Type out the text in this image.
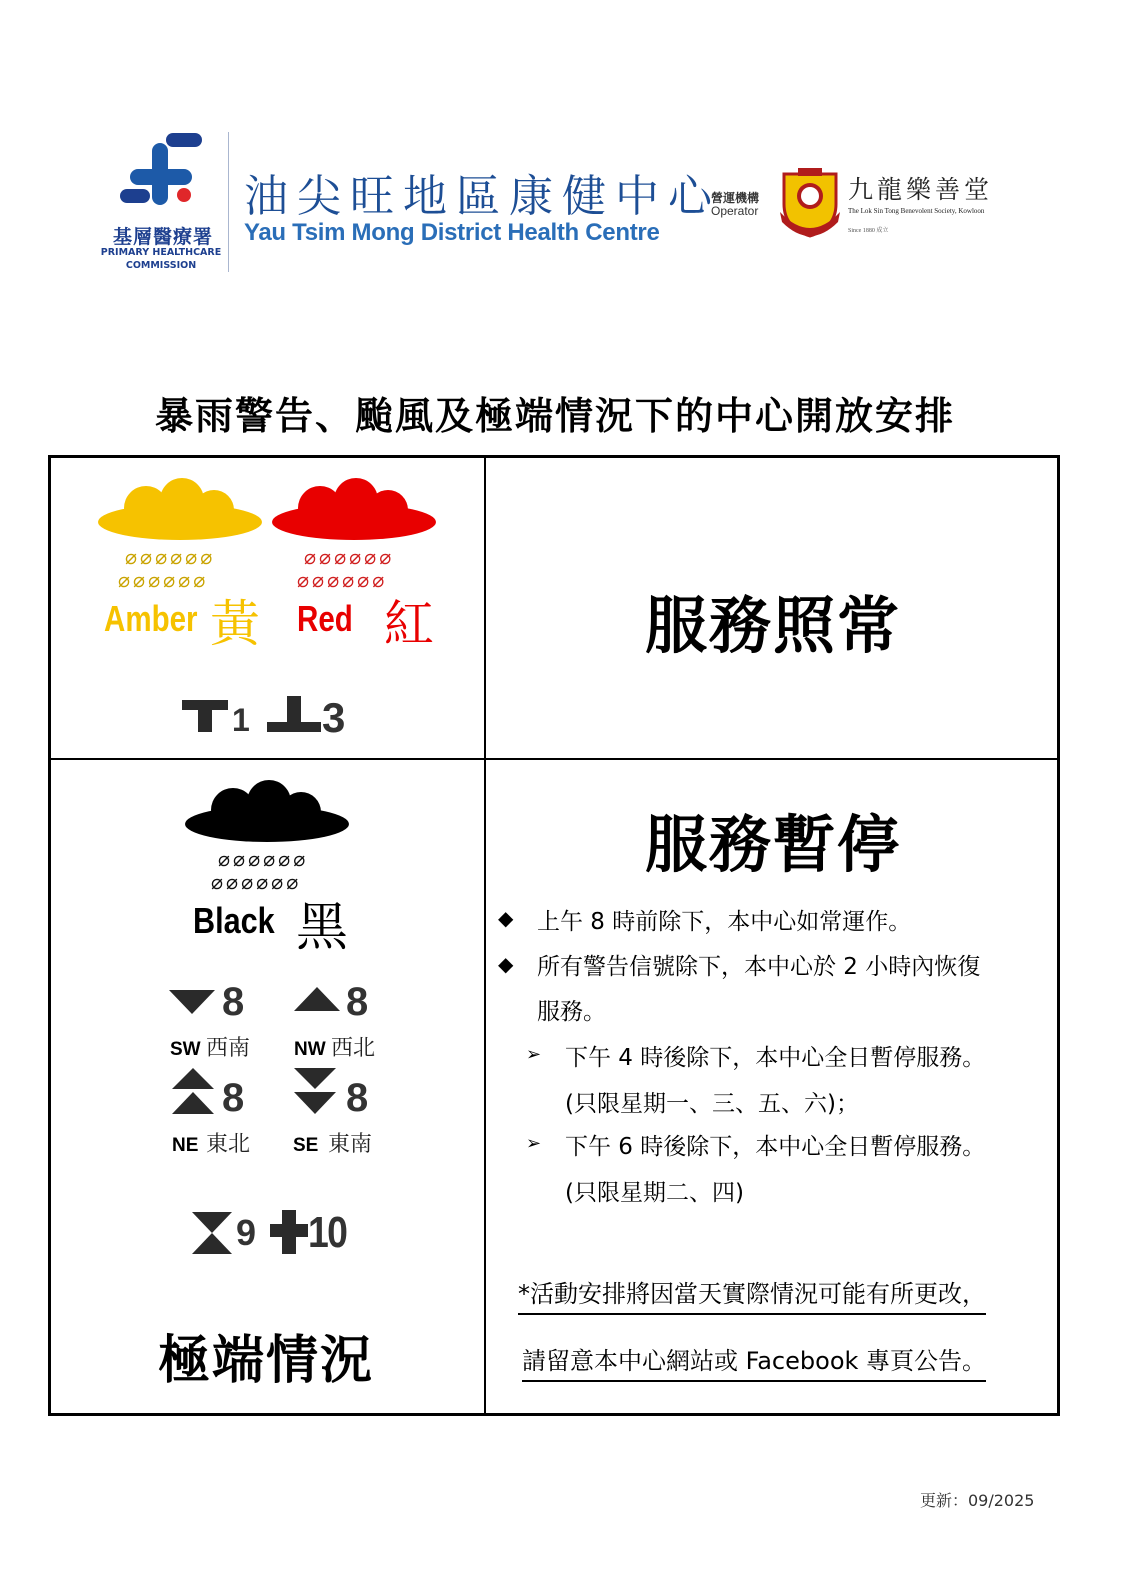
基層醫療署
PRIMARY HEALTHCARE
COMMISSION
油尖旺地區康健中心
Yau Tsim Mong District Health Centre
營運機構
Operator
九龍樂善堂
The Lok Sin Tong Benevolent Society, Kowloon
Since 1880 成立
暴雨警告、颱風及極端情況下的中心開放安排
⌀⌀⌀⌀⌀⌀
⌀⌀⌀⌀⌀⌀
Amber 黃
⌀⌀⌀⌀⌀⌀
⌀⌀⌀⌀⌀⌀
Red 紅
1 3
服務照常
⌀⌀⌀⌀⌀⌀
⌀⌀⌀⌀⌀⌀
Black 黑
8
SW 西南
8
NW 西北
8
NE 東北
8
SE 東南
9 10
極端情況
服務暫停
◆ 上午 8 時前除下，本中心如常運作。
◆ 所有警告信號除下，本中心於 2 小時內恢復
服務。
➢ 下午 4 時後除下，本中心全日暫停服務。
(只限星期一、三、五、六)；
➢ 下午 6 時後除下，本中心全日暫停服務。
(只限星期二、四)
*活動安排將因當天實際情況可能有所更改，
請留意本中心網站或 Facebook 專頁公告。
更新：09/2025
